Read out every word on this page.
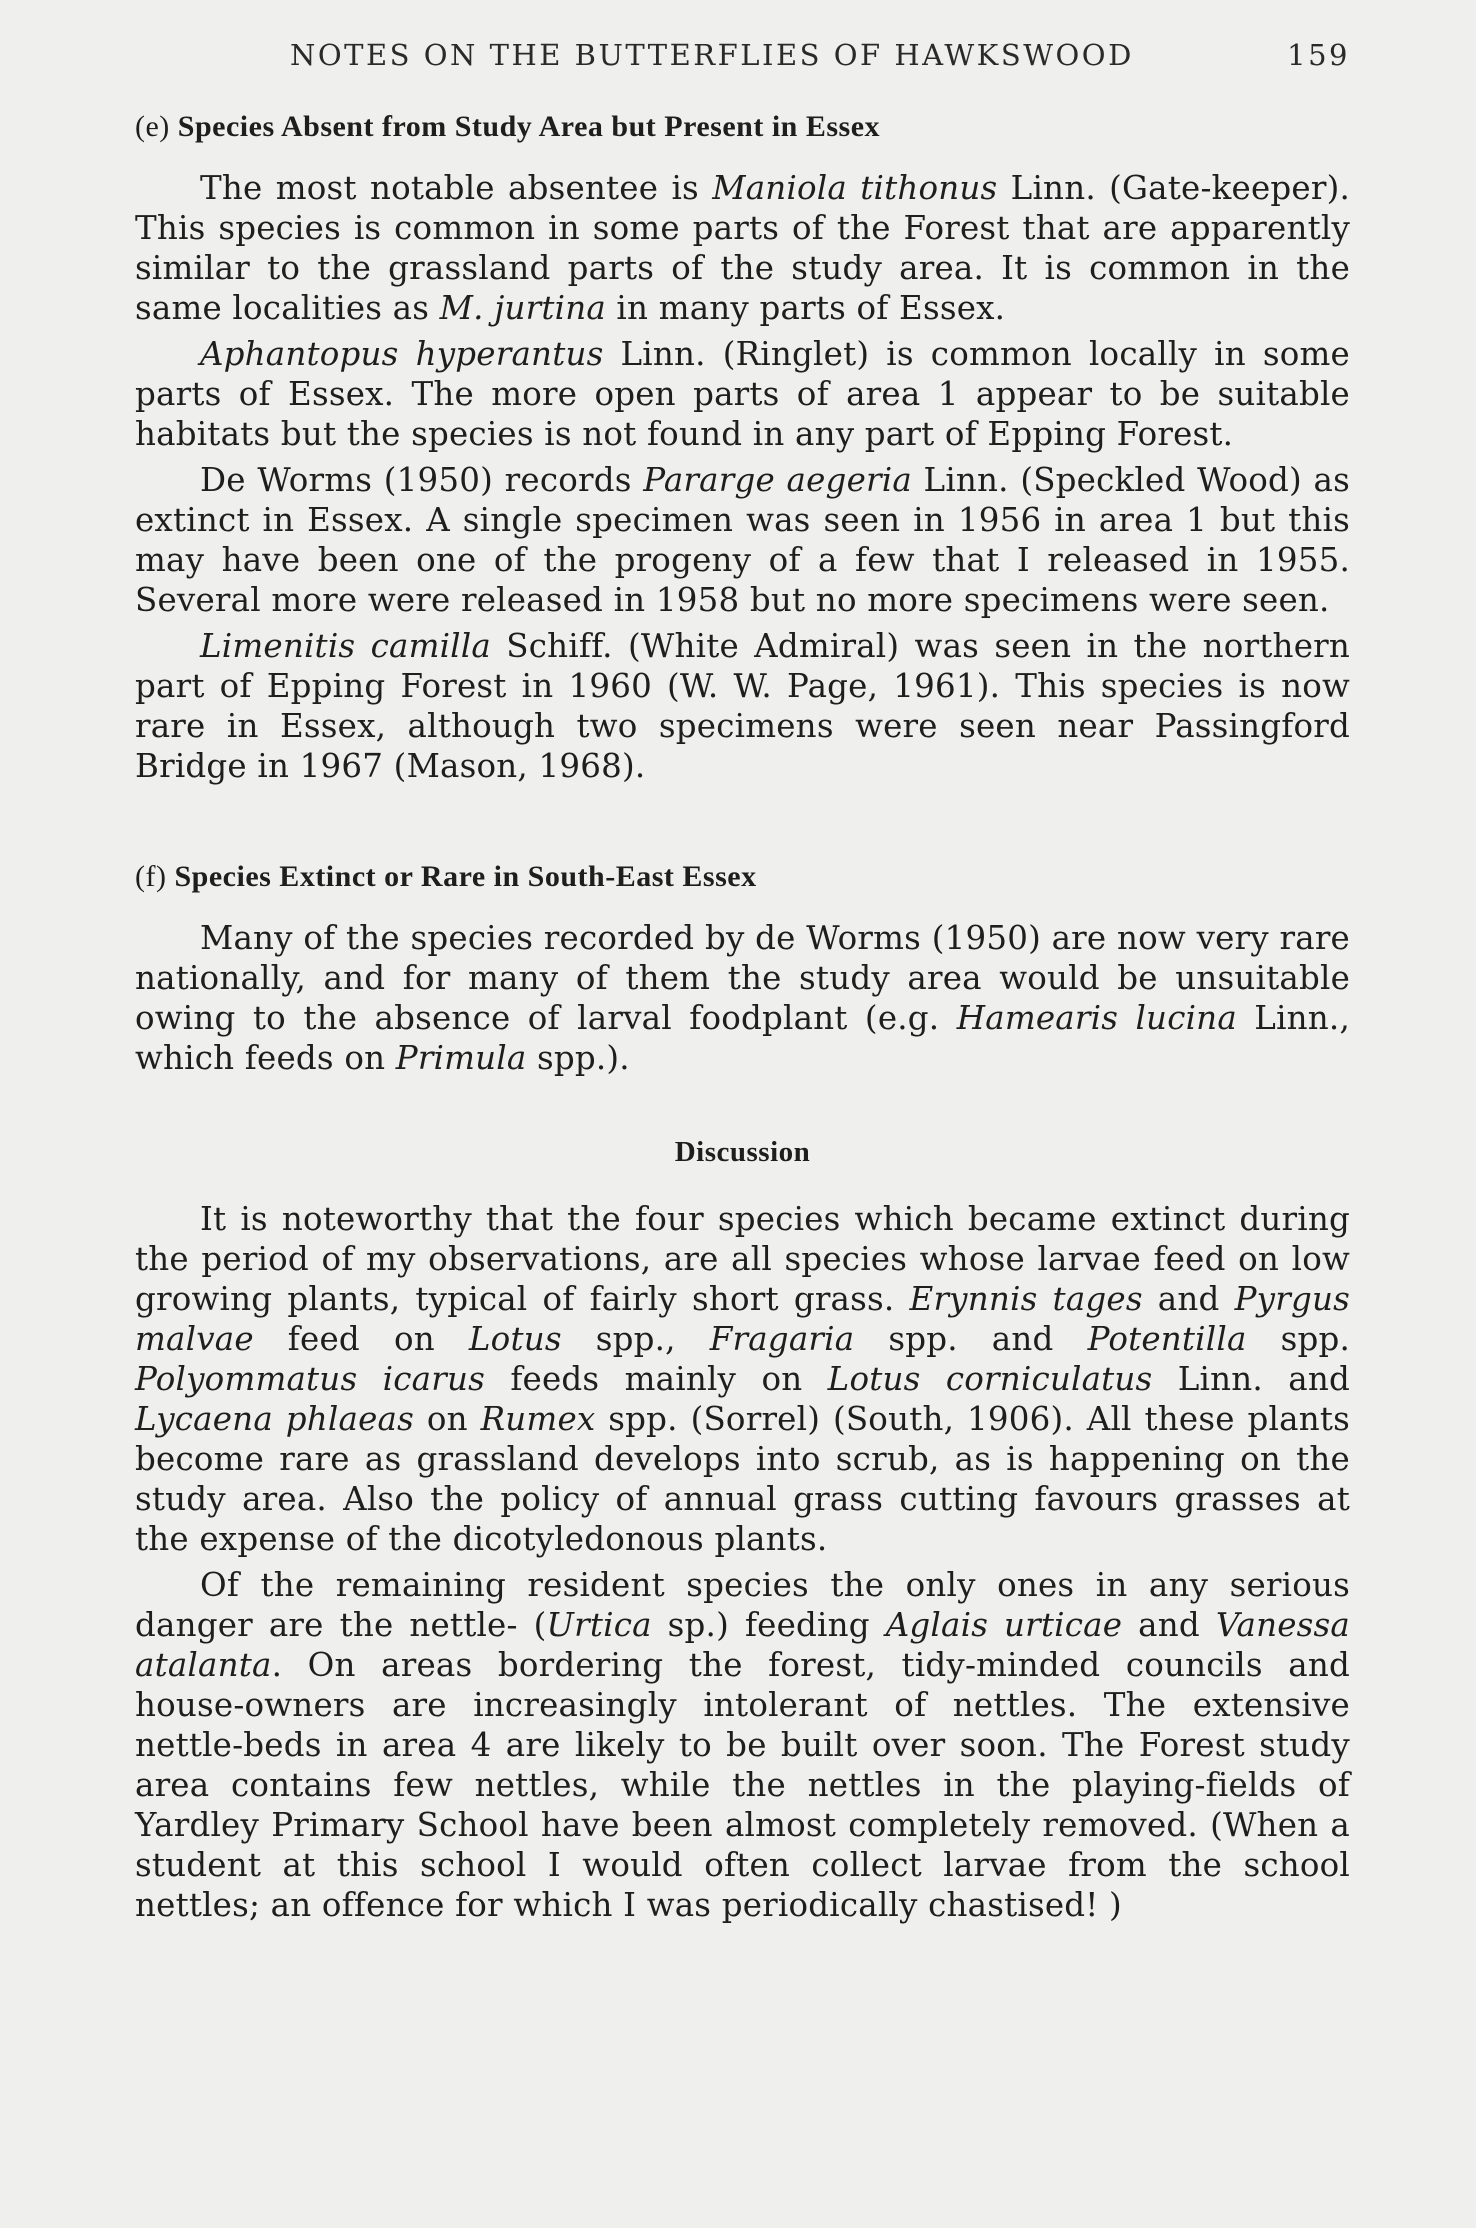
NOTES ON THE BUTTERFLIES OF HAWKSWOOD	159
(e) Species Absent from Study Area but Present in Essex

The most notable absentee is Maniola tithonus Linn. (Gate-keeper). This species is common in some parts of the Forest that are apparently similar to the grassland parts of the study area. It is common in the same localities as M. jurtina in many parts of Essex.

Aphantopus hyperantus Linn. (Ringlet) is common locally in some parts of Essex. The more open parts of area 1 appear to be suitable habitats but the species is not found in any part of Epping Forest.

De Worms (1950) records Pararge aegeria Linn. (Speckled Wood) as extinct in Essex. A single specimen was seen in 1956 in area 1 but this may have been one of the progeny of a few that I released in 1955. Several more were released in 1958 but no more specimens were seen.

Limenitis camilla Schiff. (White Admiral) was seen in the northern part of Epping Forest in 1960 (W. W. Page, 1961). This species is now rare in Essex, although two specimens were seen near Passingford Bridge in 1967 (Mason, 1968).

(f) Species Extinct or Rare in South-East Essex

Many of the species recorded by de Worms (1950) are now very rare nationally, and for many of them the study area would be unsuitable owing to the absence of larval foodplant (e.g. Hamearis lucina Linn., which feeds on Primula spp.).

Discussion

It is noteworthy that the four species which became extinct during the period of my observations, are all species whose larvae feed on low growing plants, typical of fairly short grass. Erynnis tages and Pyrgus malvae feed on Lotus spp., Fragaria spp. and Potentilla spp. Polyommatus icarus feeds mainly on Lotus corniculatus Linn. and Lycaena phlaeas on Rumex spp. (Sorrel) (South, 1906). All these plants become rare as grassland develops into scrub, as is happening on the study area. Also the policy of annual grass cutting favours grasses at the expense of the dicotyledonous plants.

Of the remaining resident species the only ones in any serious danger are the nettle- (Urtica sp.) feeding Aglais urticae and Vanessa atalanta. On areas bordering the forest, tidy-minded councils and house-owners are increasingly intolerant of nettles. The extensive nettle-beds in area 4 are likely to be built over soon. The Forest study area contains few nettles, while the nettles in the playing-fields of Yardley Primary School have been almost completely removed. (When a student at this school I would often collect larvae from the school nettles; an offence for which I was periodically chastised! )
